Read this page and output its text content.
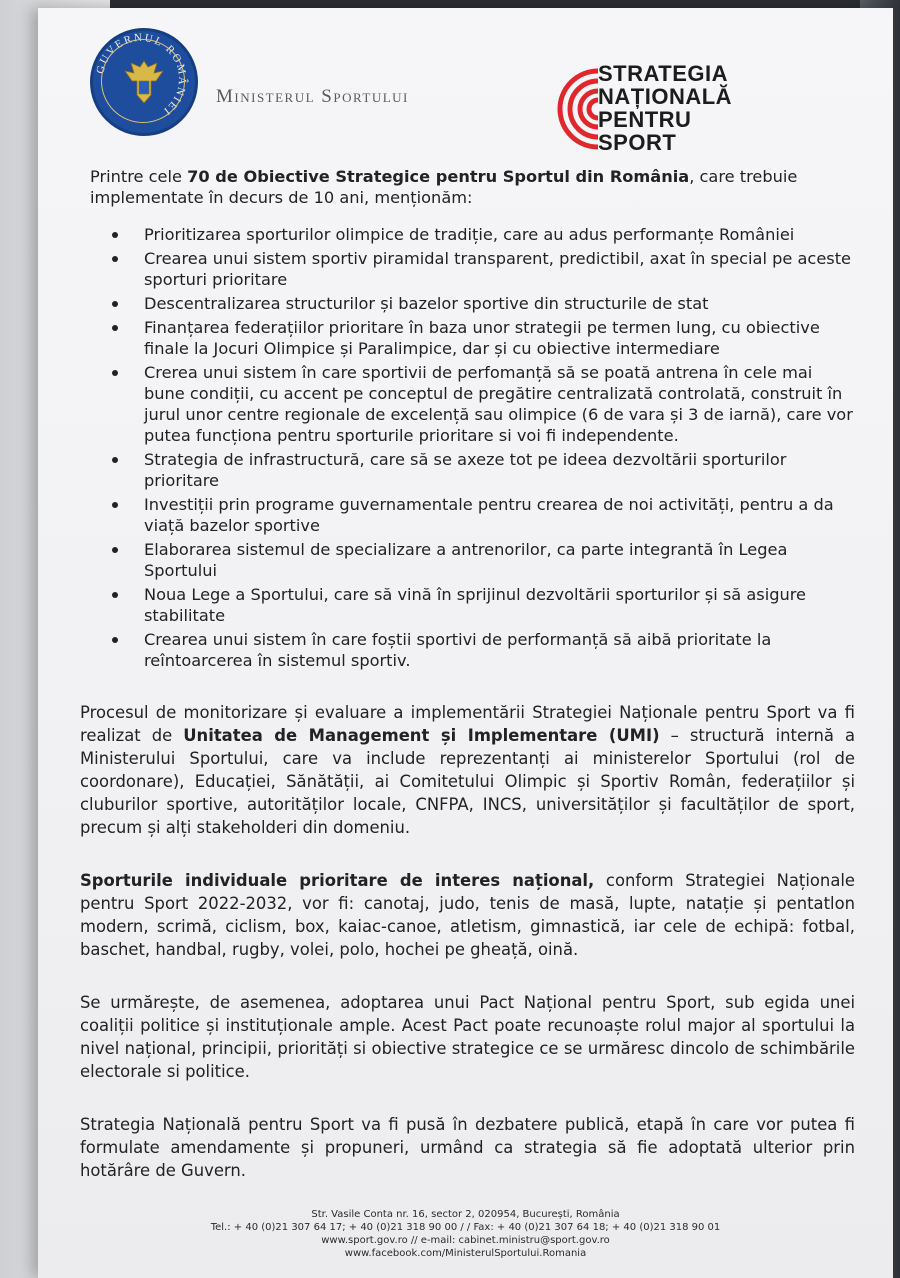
GUVERNUL ROMÂNIEI
Ministerul Sportului
STRATEGIA
NAȚIONALĂ
PENTRU
SPORT

Printre cele 70 de Obiective Strategice pentru Sportul din România, care trebuie implementate în decurs de 10 ani, menționăm:

Prioritizarea sporturilor olimpice de tradiție, care au adus performanțe României
Crearea unui sistem sportiv piramidal transparent, predictibil, axat în special pe aceste sporturi prioritare
Descentralizarea structurilor și bazelor sportive din structurile de stat
Finanțarea federațiilor prioritare în baza unor strategii pe termen lung, cu obiective finale la Jocuri Olimpice și Paralimpice, dar și cu obiective intermediare
Crerea unui sistem în care sportivii de perfomanță să se poată antrena în cele mai bune condiții, cu accent pe conceptul de pregătire centralizată controlată, construit în jurul unor centre regionale de excelență sau olimpice (6 de vara și 3 de iarnă), care vor putea funcționa pentru sporturile prioritare si voi fi independente.
Strategia de infrastructură, care să se axeze tot pe ideea dezvoltării sporturilor prioritare
Investiții prin programe guvernamentale pentru crearea de noi activități, pentru a da viață bazelor sportive
Elaborarea sistemul de specializare a antrenorilor, ca parte integrantă în Legea Sportului
Noua Lege a Sportului, care să vină în sprijinul dezvoltării sporturilor și să asigure stabilitate
Crearea unui sistem în care foștii sportivi de performanță să aibă prioritate la reîntoarcerea în sistemul sportiv.

Procesul de monitorizare și evaluare a implementării Strategiei Naționale pentru Sport va fi realizat de Unitatea de Management și Implementare (UMI) – structură internă a Ministerului Sportului, care va include reprezentanți ai ministerelor Sportului (rol de coordonare), Educației, Sănătății, ai Comitetului Olimpic și Sportiv Român, federațiilor și cluburilor sportive, autorităților locale, CNFPA, INCS, universităților și facultăților de sport, precum și alți stakeholderi din domeniu.

Sporturile individuale prioritare de interes național, conform Strategiei Naționale pentru Sport 2022-2032, vor fi: canotaj, judo, tenis de masă, lupte, natație și pentatlon modern, scrimă, ciclism, box, kaiac-canoe, atletism, gimnastică, iar cele de echipă: fotbal, baschet, handbal, rugby, volei, polo, hochei pe gheață, oină.

Se urmărește, de asemenea, adoptarea unui Pact Național pentru Sport, sub egida unei coaliții politice și instituționale ample. Acest Pact poate recunoaște rolul major al sportului la nivel național, principii, priorități si obiective strategice ce se urmăresc dincolo de schimbările electorale si politice.

Strategia Națională pentru Sport va fi pusă în dezbatere publică, etapă în care vor putea fi formulate amendamente și propuneri, urmând ca strategia să fie adoptată ulterior prin hotărâre de Guvern.

Str. Vasile Conta nr. 16, sector 2, 020954, București, România
Tel.: + 40 (0)21 307 64 17; + 40 (0)21 318 90 00 / / Fax: + 40 (0)21 307 64 18; + 40 (0)21 318 90 01
www.sport.gov.ro // e-mail: cabinet.ministru@sport.gov.ro
www.facebook.com/MinisterulSportului.Romania
